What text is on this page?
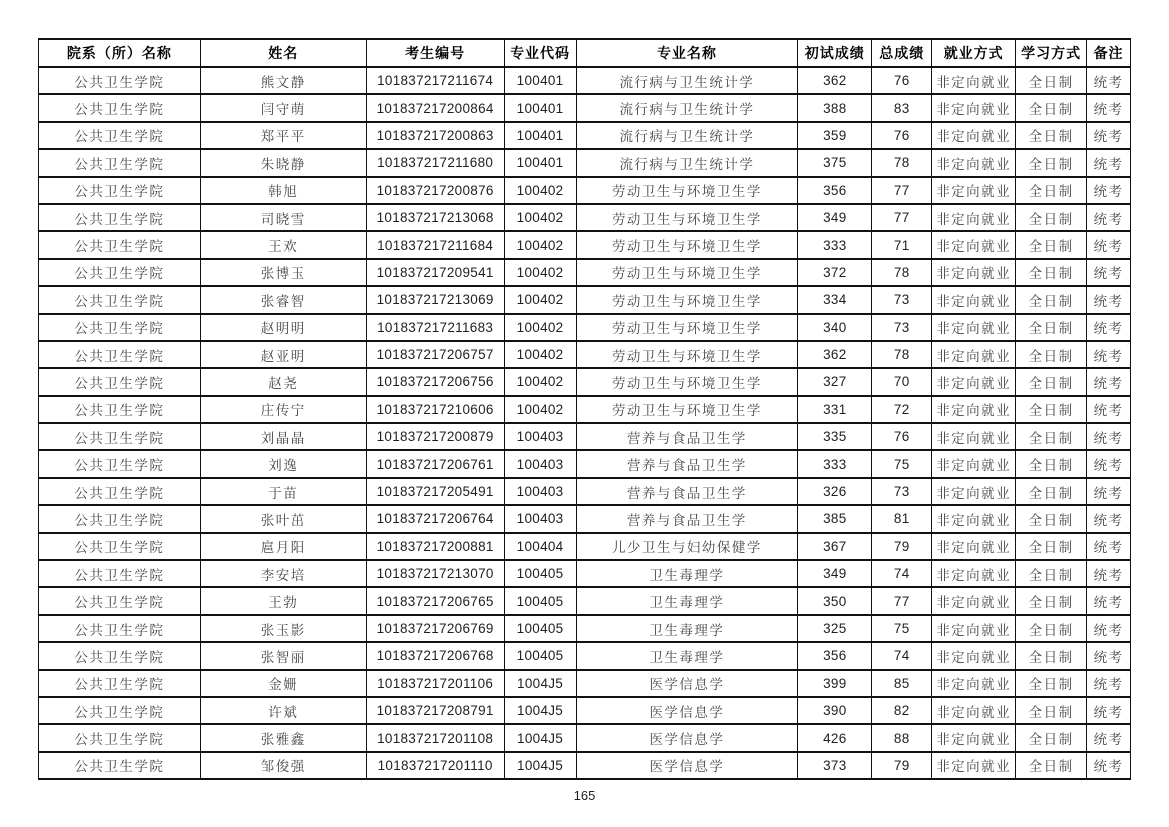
院系（所）名称	姓名	考生编号	专业代码	专业名称	初试成绩	总成绩	就业方式	学习方式	备注
公共卫生学院	熊文静	101837217211674	100401	流行病与卫生统计学	362	76	非定向就业	全日制	统考
公共卫生学院	闫守萌	101837217200864	100401	流行病与卫生统计学	388	83	非定向就业	全日制	统考
公共卫生学院	郑平平	101837217200863	100401	流行病与卫生统计学	359	76	非定向就业	全日制	统考
公共卫生学院	朱晓静	101837217211680	100401	流行病与卫生统计学	375	78	非定向就业	全日制	统考
公共卫生学院	韩旭	101837217200876	100402	劳动卫生与环境卫生学	356	77	非定向就业	全日制	统考
公共卫生学院	司晓雪	101837217213068	100402	劳动卫生与环境卫生学	349	77	非定向就业	全日制	统考
公共卫生学院	王欢	101837217211684	100402	劳动卫生与环境卫生学	333	71	非定向就业	全日制	统考
公共卫生学院	张博玉	101837217209541	100402	劳动卫生与环境卫生学	372	78	非定向就业	全日制	统考
公共卫生学院	张睿智	101837217213069	100402	劳动卫生与环境卫生学	334	73	非定向就业	全日制	统考
公共卫生学院	赵明明	101837217211683	100402	劳动卫生与环境卫生学	340	73	非定向就业	全日制	统考
公共卫生学院	赵亚明	101837217206757	100402	劳动卫生与环境卫生学	362	78	非定向就业	全日制	统考
公共卫生学院	赵尧	101837217206756	100402	劳动卫生与环境卫生学	327	70	非定向就业	全日制	统考
公共卫生学院	庄传宁	101837217210606	100402	劳动卫生与环境卫生学	331	72	非定向就业	全日制	统考
公共卫生学院	刘晶晶	101837217200879	100403	营养与食品卫生学	335	76	非定向就业	全日制	统考
公共卫生学院	刘逸	101837217206761	100403	营养与食品卫生学	333	75	非定向就业	全日制	统考
公共卫生学院	于苗	101837217205491	100403	营养与食品卫生学	326	73	非定向就业	全日制	统考
公共卫生学院	张叶茁	101837217206764	100403	营养与食品卫生学	385	81	非定向就业	全日制	统考
公共卫生学院	扈月阳	101837217200881	100404	儿少卫生与妇幼保健学	367	79	非定向就业	全日制	统考
公共卫生学院	李安培	101837217213070	100405	卫生毒理学	349	74	非定向就业	全日制	统考
公共卫生学院	王勃	101837217206765	100405	卫生毒理学	350	77	非定向就业	全日制	统考
公共卫生学院	张玉影	101837217206769	100405	卫生毒理学	325	75	非定向就业	全日制	统考
公共卫生学院	张智丽	101837217206768	100405	卫生毒理学	356	74	非定向就业	全日制	统考
公共卫生学院	金姗	101837217201106	1004J5	医学信息学	399	85	非定向就业	全日制	统考
公共卫生学院	许斌	101837217208791	1004J5	医学信息学	390	82	非定向就业	全日制	统考
公共卫生学院	张雅鑫	101837217201108	1004J5	医学信息学	426	88	非定向就业	全日制	统考
公共卫生学院	邹俊强	101837217201110	1004J5	医学信息学	373	79	非定向就业	全日制	统考
165
